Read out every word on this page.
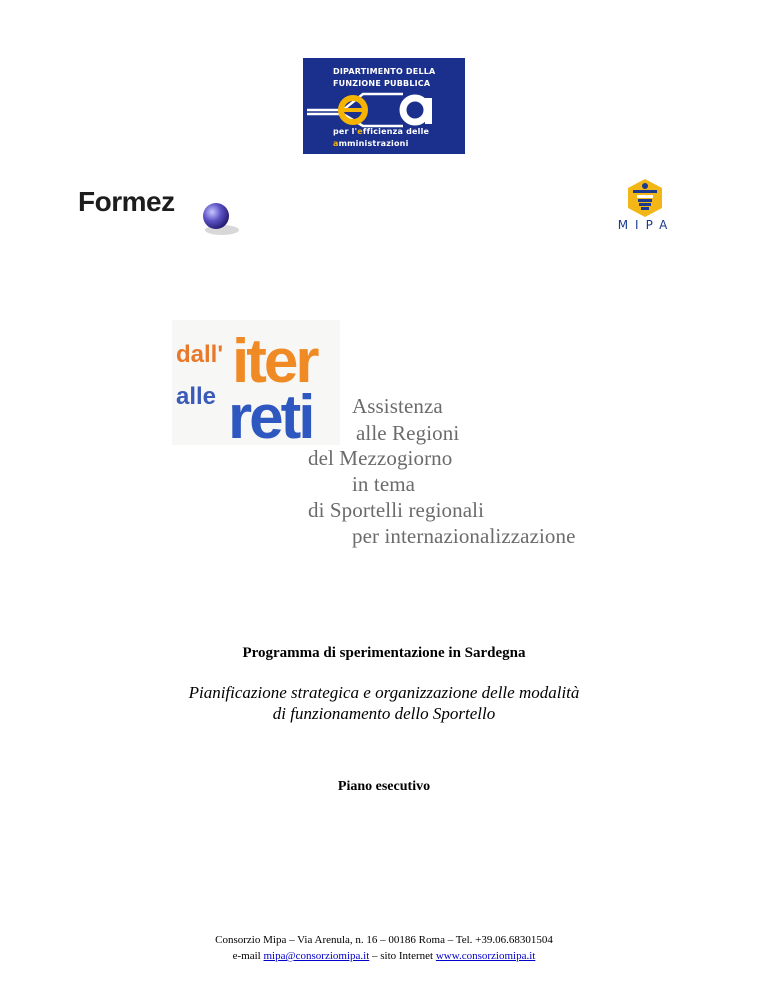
DIPARTIMENTO DELLA
FUNZIONE PUBBLICA
per l'efficienza delle
amministrazioni
Formez
MIPA
dall' iter
alle reti Assistenza
alle Regioni
del Mezzogiorno
in tema
di Sportelli regionali
per internazionalizzazione
Programma di sperimentazione in Sardegna
Pianificazione strategica e organizzazione delle modalità
di funzionamento dello Sportello
Piano esecutivo
Consorzio Mipa – Via Arenula, n. 16 – 00186 Roma – Tel. +39.06.68301504
e-mail mipa@consorziomipa.it – sito Internet www.consorziomipa.it
